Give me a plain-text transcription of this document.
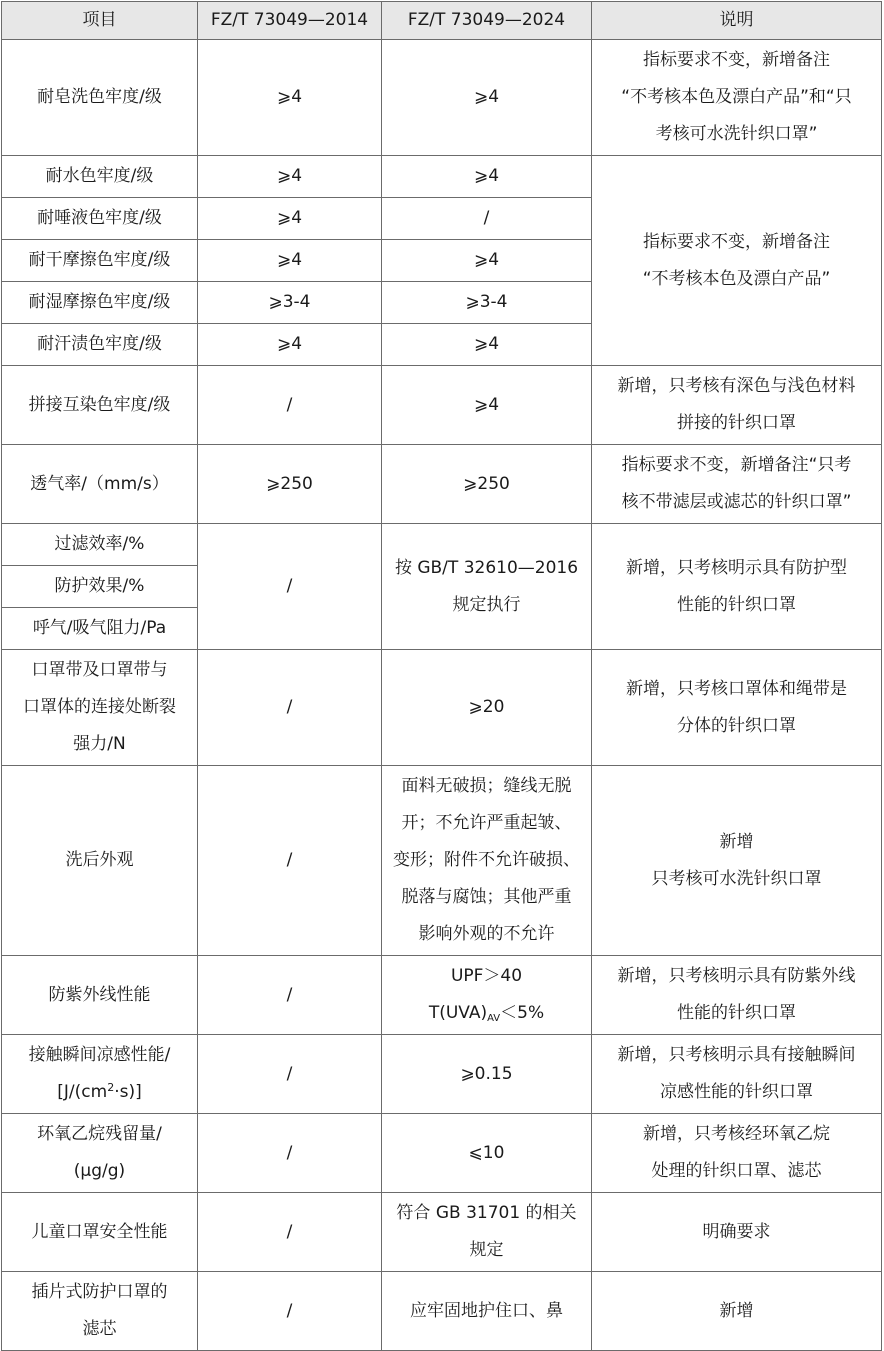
项目	FZ/T 73049—2014	FZ/T 73049—2024	说明
耐皂洗色牢度/级	⩾4	⩾4	指标要求不变，新增备注
“不考核本色及漂白产品”和“只
考核可水洗针织口罩”

耐水色牢度/级	⩾4	⩾4	指标要求不变，新增备注
“不考核本色及漂白产品”

耐唾液色牢度/级	⩾4	/	
耐干摩擦色牢度/级	⩾4	⩾4	
耐湿摩擦色牢度/级	⩾3-4	⩾3-4	
耐汗渍色牢度/级	⩾4	⩾4	
拼接互染色牢度/级	/	⩾4	新增，只考核有深色与浅色材料
拼接的针织口罩

透气率/（mm/s）	⩾250	⩾250	指标要求不变，新增备注“只考
核不带滤层或滤芯的针织口罩”

过滤效率/%	/	按 GB/T 32610—2016
规定执行	新增，只考核明示具有防护型
性能的针织口罩

防护效果/%			
呼气/吸气阻力/Pa			

口罩带及口罩带与
口罩体的连接处断裂
强力/N	/	⩾20	新增，只考核口罩体和绳带是
分体的针织口罩

洗后外观	/	面料无破损；缝线无脱
开；不允许严重起皱、
变形；附件不允许破损、
脱落与腐蚀；其他严重
影响外观的不允许	新增
只考核可水洗针织口罩

防紫外线性能	/	UPF＞40
$T(UVA)_{AV}<5\%$	新增，只考核明示具有防紫外线
性能的针织口罩

接触瞬间凉感性能/
$[J/(cm^2\cdot s)]$	/	⩾0.15	新增，只考核明示具有接触瞬间
凉感性能的针织口罩

环氧乙烷残留量/
(μg/g)	/	⩽10	新增，只考核经环氧乙烷
处理的针织口罩、滤芯

儿童口罩安全性能	/	符合 GB 31701 的相关
规定	明确要求

插片式防护口罩的
滤芯	/	应牢固地护住口、鼻	新增
